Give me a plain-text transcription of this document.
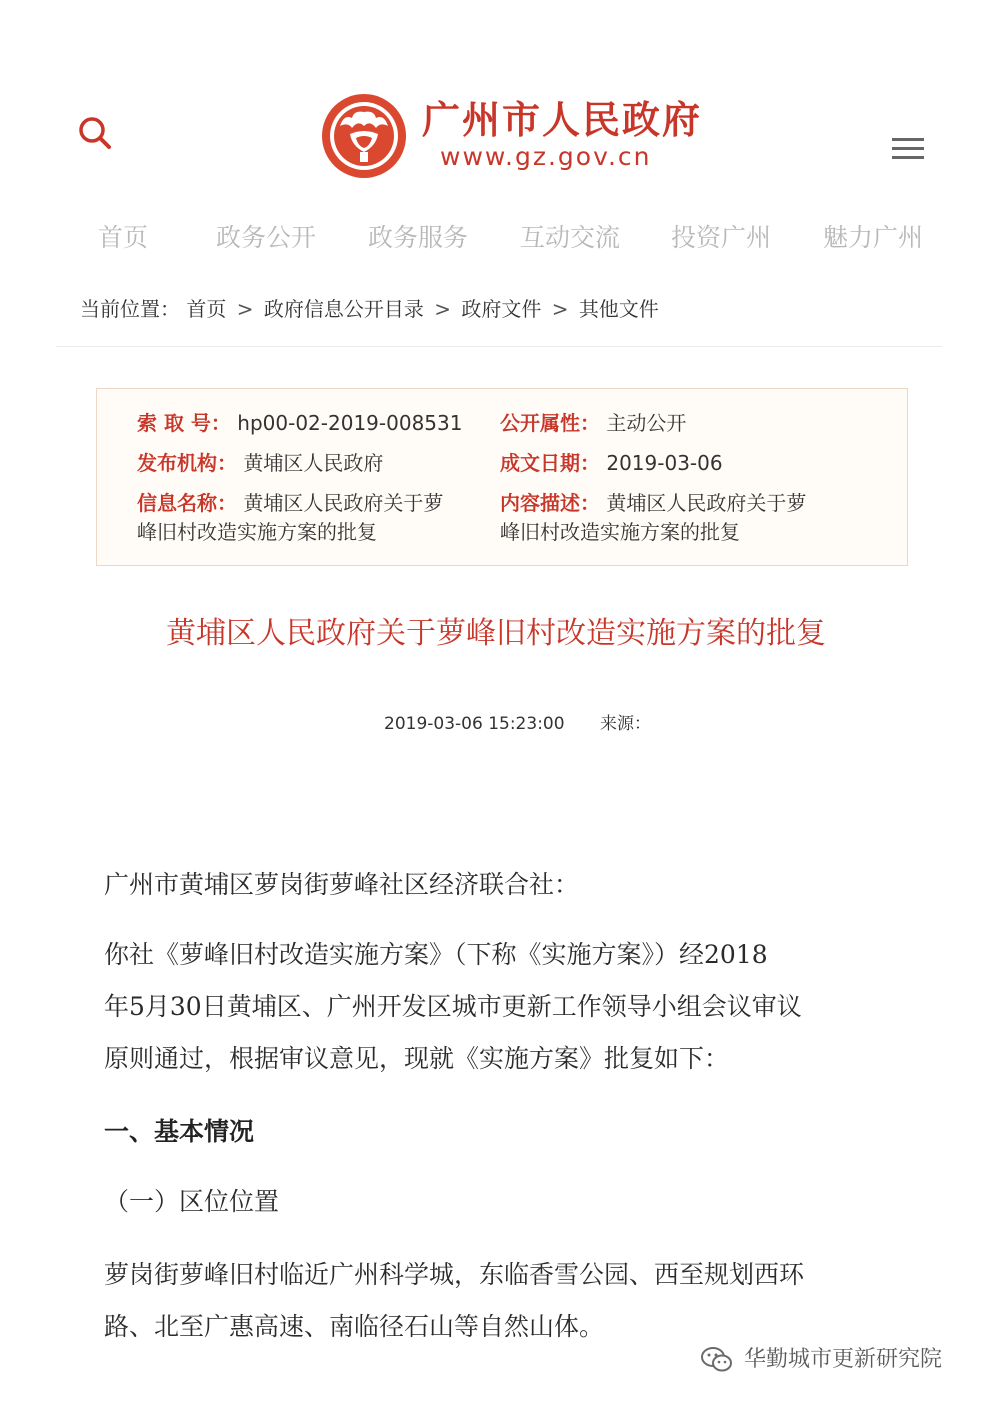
广州市人民政府
www.gz.gov.cn
首页	政务公开 政务服务 互动交流 投资广州 魅力广州
当前位置： 首页 > 政府信息公开目录 > 政府文件 > 其他文件
索 取 号： hp00-02-2019-008531 公开属性： 主动公开
发布机构： 黄埔区人民政府	成文日期： 2019-03-06
信息名称： 黄埔区人民政府关于萝
峰旧村改造实施方案的批复
内容描述： 黄埔区人民政府关于萝
峰旧村改造实施方案的批复
黄埔区人民政府关于萝峰旧村改造实施方案的批复
2019-03-06 15:23:00 来源：
广州市黄埔区萝岗街萝峰社区经济联合社：
你社《萝峰旧村改造实施方案》（下称《实施方案》）经2018
年5月30日黄埔区、广州开发区城市更新工作领导小组会议审议
原则通过，根据审议意见，现就《实施方案》批复如下：
一、基本情况
（一）区位位置
萝岗街萝峰旧村临近广州科学城，东临香雪公园、西至规划西环
路、北至广惠高速、南临径石山等自然山体。
华勤城市更新研究院
